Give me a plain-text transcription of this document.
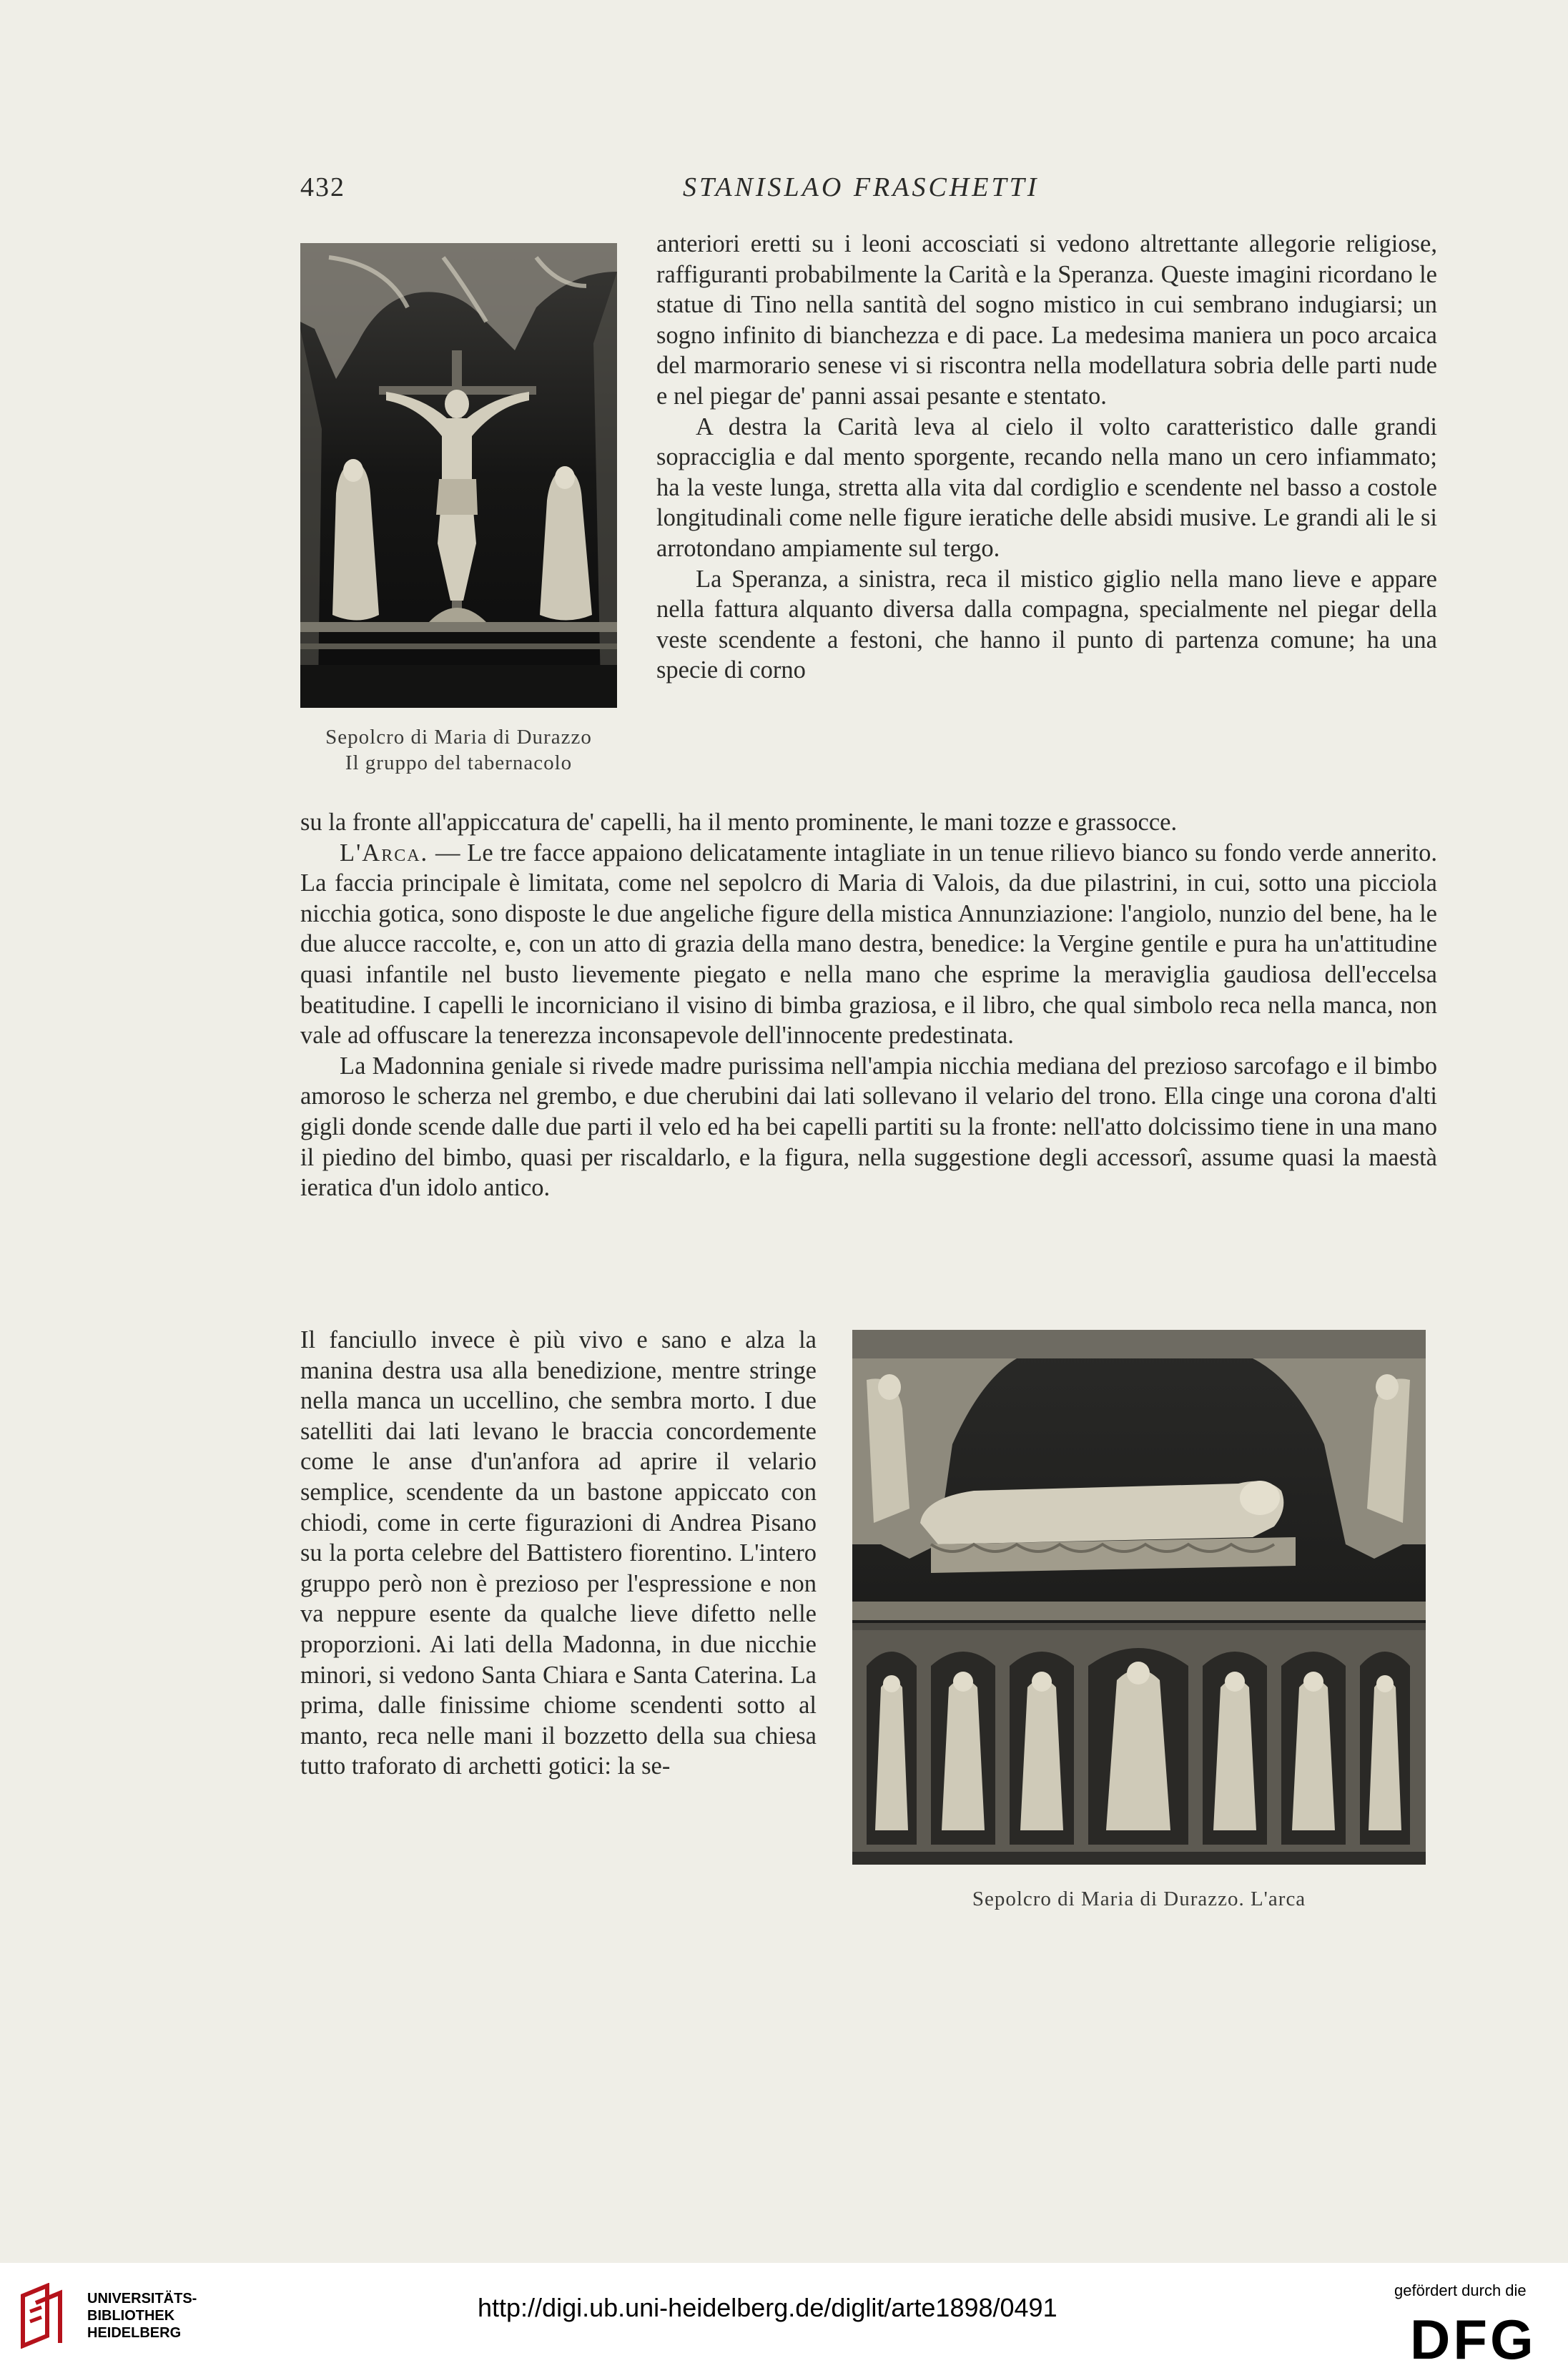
432	STANISLAO FRASCHETTI
Sepolcro di Maria di Durazzo
Il gruppo del tabernacolo

anteriori eretti su i leoni accosciati si vedono altrettante allegorie religiose, raffiguranti probabilmente la Carità e la Speranza. Queste imagini ricordano le statue di Tino nella santità del sogno mistico in cui sembrano indugiarsi; un sogno infinito di bianchezza e di pace. La medesima maniera un poco arcaica del marmorario senese vi si riscontra nella modellatura sobria delle parti nude e nel piegar de' panni assai pesante e stentato.

A destra la Carità leva al cielo il volto caratteristico dalle grandi sopracciglia e dal mento sporgente, recando nella mano un cero infiammato; ha la veste lunga, stretta alla vita dal cordiglio e scendente nel basso a costole longitudinali come nelle figure ieratiche delle absidi musive. Le grandi ali le si arrotondano ampiamente sul tergo.

La Speranza, a sinistra, reca il mistico giglio nella mano lieve e appare nella fattura alquanto diversa dalla compagna, specialmente nel piegar della veste scendente a festoni, che hanno il punto di partenza comune; ha una specie di corno

su la fronte all'appiccatura de' capelli, ha il mento prominente, le mani tozze e grassocce.

L'Arca. — Le tre facce appaiono delicatamente intagliate in un tenue rilievo bianco su fondo verde annerito. La faccia principale è limitata, come nel sepolcro di Maria di Valois, da due pilastrini, in cui, sotto una picciola nicchia gotica, sono disposte le due angeliche figure della mistica Annunziazione: l'angiolo, nunzio del bene, ha le due alucce raccolte, e, con un atto di grazia della mano destra, benedice: la Vergine gentile e pura ha un'attitudine quasi infantile nel busto lievemente piegato e nella mano che esprime la meraviglia gaudiosa dell'eccelsa beatitudine. I capelli le incorniciano il visino di bimba graziosa, e il libro, che qual simbolo reca nella manca, non vale ad offuscare la tenerezza inconsapevole dell'innocente predestinata.

La Madonnina geniale si rivede madre purissima nell'ampia nicchia mediana del prezioso sarcofago e il bimbo amoroso le scherza nel grembo, e due cherubini dai lati sollevano il velario del trono. Ella cinge una corona d'alti gigli donde scende dalle due parti il velo ed ha bei capelli partiti su la fronte: nell'atto dolcissimo tiene in una mano il piedino del bimbo, quasi per riscaldarlo, e la figura, nella suggestione degli accessorî, assume quasi la maestà ieratica d'un idolo antico.

Il fanciullo invece è più vivo e sano e alza la manina destra usa alla benedizione, mentre stringe nella manca un uccellino, che sembra morto. I due satelliti dai lati levano le braccia concordemente come le anse d'un'anfora ad aprire il velario semplice, scendente da un bastone appiccato con chiodi, come in certe figurazioni di Andrea Pisano su la porta celebre del Battistero fiorentino. L'intero gruppo però non è prezioso per l'espressione e non va neppure esente da qualche lieve difetto nelle proporzioni. Ai lati della Madonna, in due nicchie minori, si vedono Santa Chiara e Santa Caterina. La prima, dalle finissime chiome scendenti sotto al manto, reca nelle mani il bozzetto della sua chiesa tutto traforato di archetti gotici: la se-

Sepolcro di Maria di Durazzo. L'arca
UNIVERSITÄTS-
BIBLIOTHEK
HEIDELBERG
http://digi.ub.uni-heidelberg.de/diglit/arte1898/0491
gefördert durch die
DFG
